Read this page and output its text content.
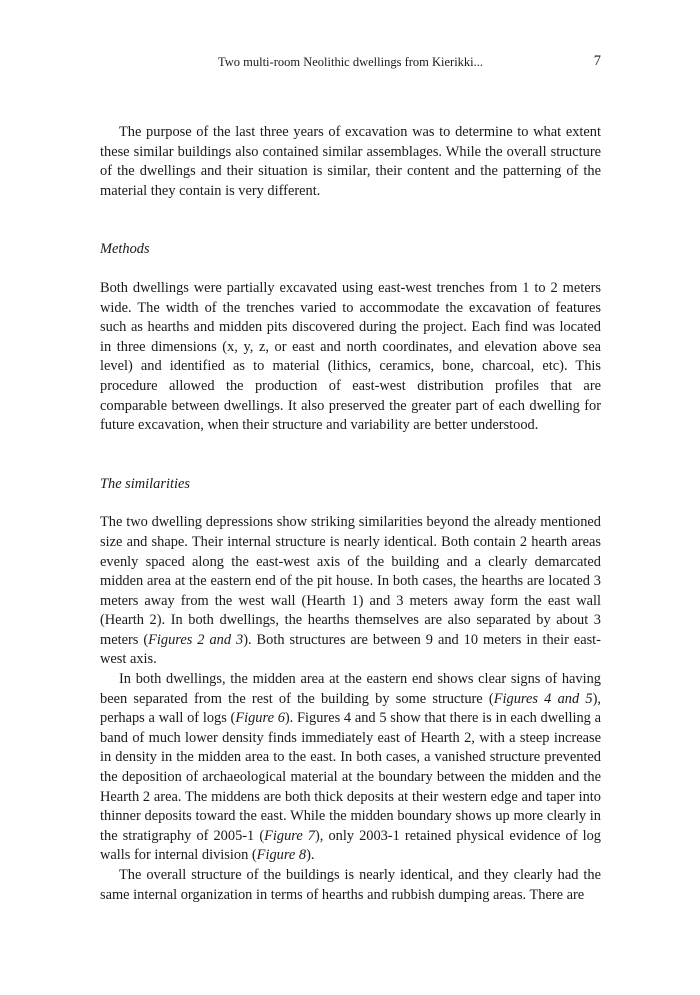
Two multi-room Neolithic dwellings from Kierikki...	7

The purpose of the last three years of excavation was to determine to what extent these similar buildings also contained similar assemblages. While the overall structure of the dwellings and their situation is similar, their content and the patterning of the material they contain is very different.

Methods

Both dwellings were partially excavated using east-west trenches from 1 to 2 meters wide. The width of the trenches varied to accommodate the excavation of features such as hearths and midden pits discovered during the project. Each find was located in three dimensions (x, y, z, or east and north coordinates, and elevation above sea level) and identified as to material (lithics, ceramics, bone, charcoal, etc). This procedure allowed the production of east-west distribution profiles that are comparable between dwellings. It also preserved the greater part of each dwelling for future excavation, when their structure and variability are better understood.

The similarities

The two dwelling depressions show striking similarities beyond the already mentioned size and shape. Their internal structure is nearly identical. Both contain 2 hearth areas evenly spaced along the east-west axis of the building and a clearly demarcated midden area at the eastern end of the pit house. In both cases, the hearths are located 3 meters away from the west wall (Hearth 1) and 3 meters away form the east wall (Hearth 2). In both dwellings, the hearths themselves are also separated by about 3 meters (Figures 2 and 3). Both structures are between 9 and 10 meters in their east-west axis.

In both dwellings, the midden area at the eastern end shows clear signs of having been separated from the rest of the building by some structure (Figures 4 and 5), perhaps a wall of logs (Figure 6). Figures 4 and 5 show that there is in each dwelling a band of much lower density finds immediately east of Hearth 2, with a steep increase in density in the midden area to the east. In both cases, a vanished structure prevented the deposition of archaeological material at the boundary between the midden and the Hearth 2 area. The middens are both thick deposits at their western edge and taper into thinner deposits toward the east. While the midden boundary shows up more clearly in the stratigraphy of 2005-1 (Figure 7), only 2003-1 retained physical evidence of log walls for internal division (Figure 8).

The overall structure of the buildings is nearly identical, and they clearly had the same internal organization in terms of hearths and rubbish dumping areas. There are
